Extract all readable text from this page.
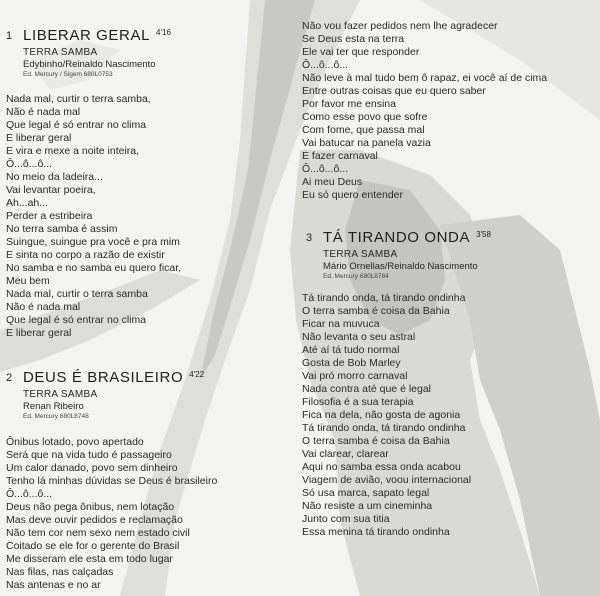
1 LIBERAR GERAL $^{4'16}$
TERRA SAMBA
Edybinho/Reinaldo Nascimento
Ed. Mercury / Sigem 680L0753
Nada mal, curtir o terra samba,
Não é nada mal
Que legal é só entrar no clima
E liberar geral
E vira e mexe a noite inteira,
Ô...ô...ô...
No meio da ladeira...
Vai levantar poeira,
Ah...ah...
Perder a estribeira
No terra samba é assim
Suingue, suingue pra você e pra mim
E sinta no corpo a razão de existir
No samba e no samba eu quero ficar,
Meu bem
Nada mal, curtir o terra samba
Não é nada mal
Que legal é só entrar no clima
E liberar geral
2 DEUS É BRASILEIRO $^{4'22}$
TERRA SAMBA
Renan Ribeiro
Ed. Mercury 680L8748
Ônibus lotado, povo apertado
Será que na vida tudo é passageiro
Um calor danado, povo sem dinheiro
Tenho lá minhas dúvidas se Deus é brasileiro
Ô...ô...ô...
Deus não pega ônibus, nem lotação
Mas deve ouvir pedidos e reclamação
Não tem cor nem sexo nem estado civil
Coitado se ele for o gerente do Brasil
Me disseram ele esta em todo lugar
Nas filas, nas calçadas
Nas antenas e no ar
Não vou fazer pedidos nem lhe agradecer
Se Deus esta na terra
Ele vai ter que responder
Ô...ô...ô...
Não leve à mal tudo bem ô rapaz, ei você aí de cima
Entre outras coisas que eu quero saber
Por favor me ensina
Como esse povo que sofre
Com fome, que passa mal
Vai batucar na panela vazia
E fazer carnaval
Ô...ô...ô...
Ai meu Deus
Eu só quero entender
3 TÁ TIRANDO ONDA $^{3'58}$
TERRA SAMBA
Mário Ornellas/Reinaldo Nascimento
Ed. Mercury 680L8784
Tá tirando onda, tá tirando ondinha
O terra samba é coisa da Bahia
Ficar na muvuca
Não levanta o seu astral
Até aí tá tudo normal
Gosta de Bob Marley
Vai pró morro carnaval
Nada contra até que é legal
Filosofia é a sua terapia
Fica na dela, não gosta de agonia
Tá tirando onda, tá tirando ondinha
O terra samba é coisa da Bahia
Vai clarear, clarear
Aqui no samba essa onda acabou
Viagem de avião, voou internacional
Só usa marca, sapato legal
Não resiste a um cineminha
Junto com sua titia
Essa menina tá tirando ondinha
